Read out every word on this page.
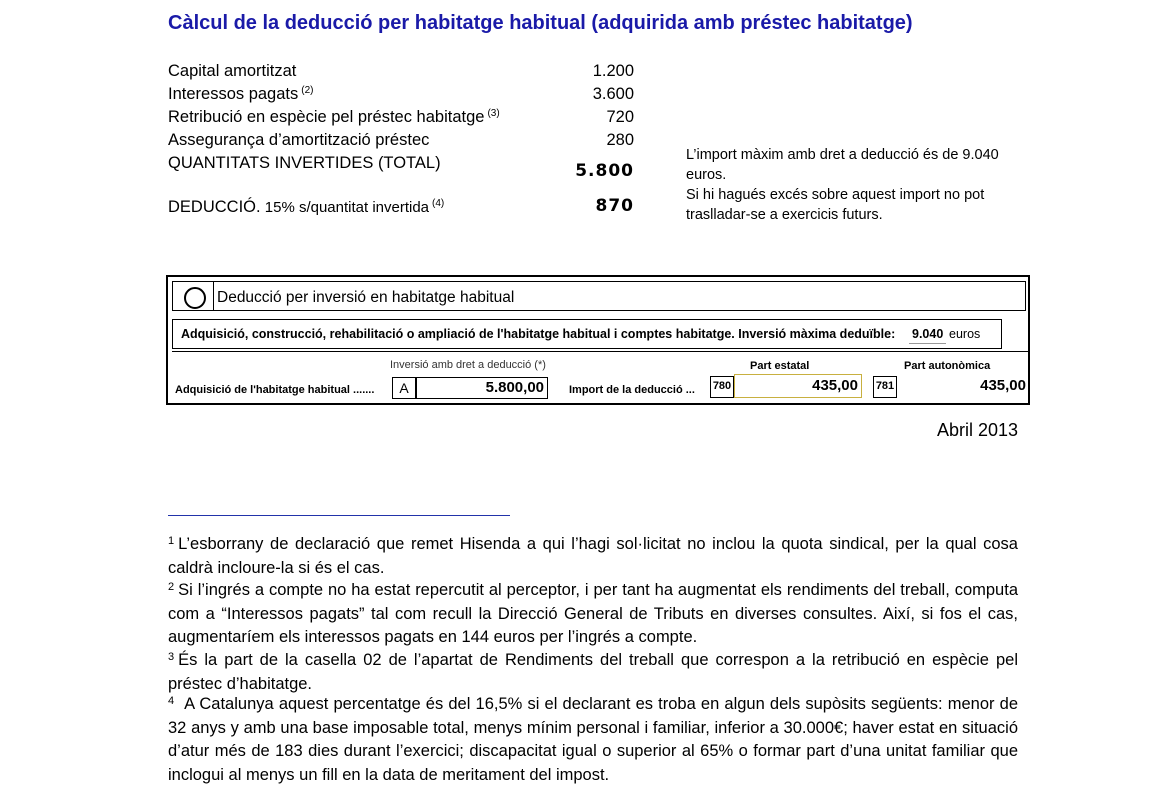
Càlcul de la deducció per habitatge habitual (adquirida amb préstec habitatge)
Capital amortitzat	1.200
Interessos pagats $^{(2)}$	3.600
Retribució en espècie pel préstec habitatge $^{(3)}$	720
Assegurança d’amortització préstec	280
QUANTITATS INVERTIDES (TOTAL)	5.800
DEDUCCIÓ. 15% s/quantitat invertida $^{(4)}$	870
L’import màxim amb dret a deducció és de 9.040 euros.
Si hi hagués excés sobre aquest import no pot traslladar-se a exercicis futurs.
Deducció per inversió en habitatge habitual
Adquisició, construcció, rehabilitació o ampliació de l'habitatge habitual i comptes habitatge. Inversió màxima deduïble: 9.040 euros
Inversió amb dret a deducció (*)	Part estatal	Part autonòmica
Adquisició de l'habitatge habitual .......	A	5.800,00	Import de la deducció ... 780	435,00	781	435,00
Abril 2013
$^1$ L’esborrany de declaració que remet Hisenda a qui l’hagi sol·licitat no inclou la quota sindical, per la qual cosa caldrà incloure-la si és el cas.
$^2$ Si l’ingrés a compte no ha estat repercutit al perceptor, i per tant ha augmentat els rendiments del treball, computa com a “Interessos pagats” tal com recull la Direcció General de Tributs en diverses consultes. Així, si fos el cas, augmentaríem els interessos pagats en 144 euros per l’ingrés a compte.
$^3$ És la part de la casella 02 de l’apartat de Rendiments del treball que correspon a la retribució en espècie pel préstec d’habitatge.
$^4$ A Catalunya aquest percentatge és del 16,5% si el declarant es troba en algun dels supòsits següents: menor de 32 anys y amb una base imposable total, menys mínim personal i familiar, inferior a 30.000€; haver estat en situació d’atur més de 183 dies durant l’exercici; discapacitat igual o superior al 65% o formar part d’una unitat familiar que inclogui al menys un fill en la data de meritament del impost.
